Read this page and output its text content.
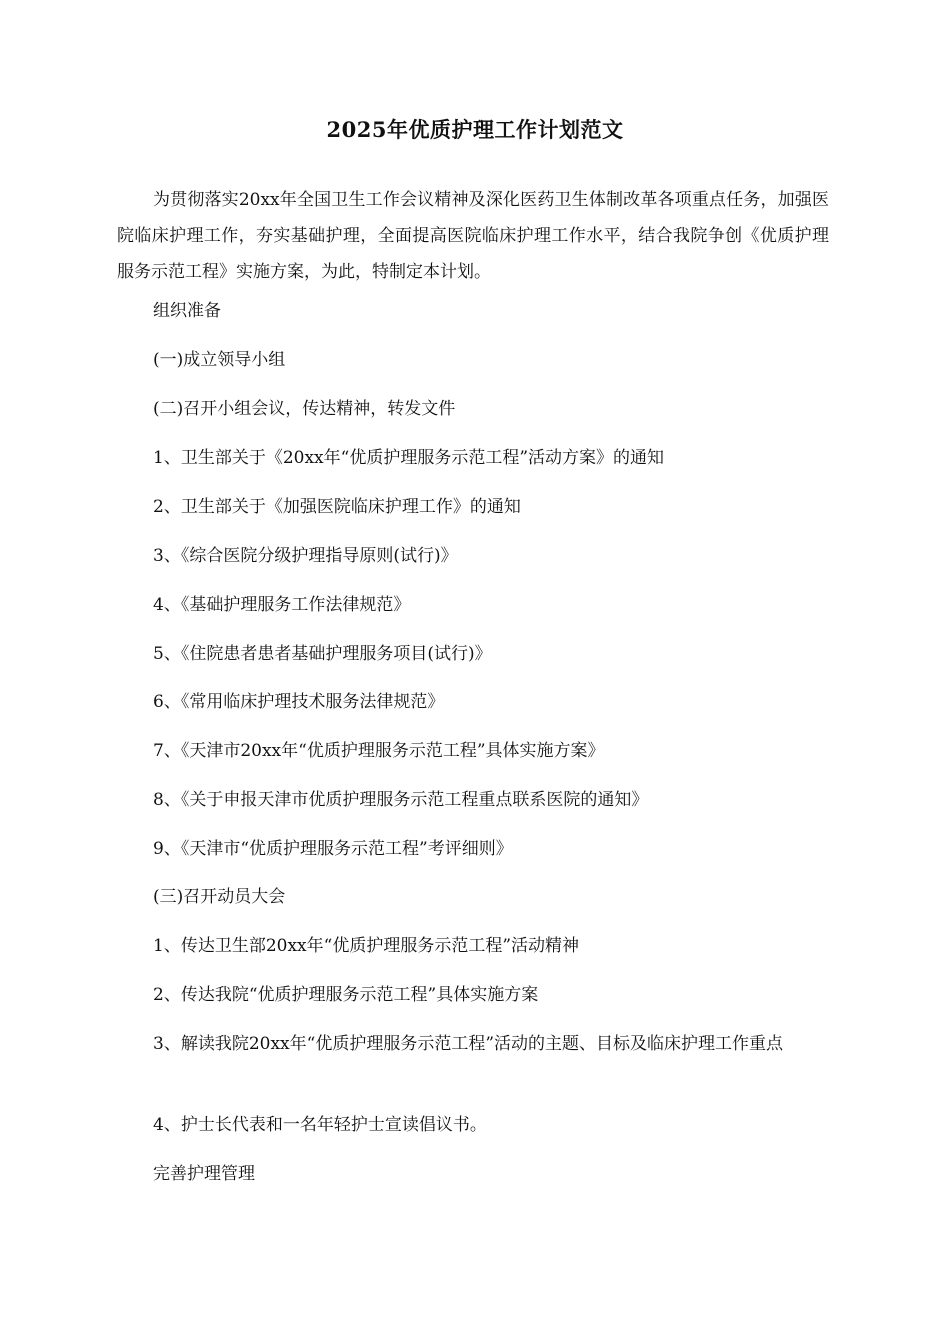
2025年优质护理工作计划范文

为贯彻落实20xx年全国卫生工作会议精神及深化医药卫生体制改革各项重点任务，加强医院临床护理工作，夯实基础护理，全面提高医院临床护理工作水平，结合我院争创《优质护理服务示范工程》实施方案，为此，特制定本计划。

组织准备

(一)成立领导小组

(二)召开小组会议，传达精神，转发文件

1、卫生部关于《20xx年“优质护理服务示范工程”活动方案》的通知

2、卫生部关于《加强医院临床护理工作》的通知

3、《综合医院分级护理指导原则(试行)》

4、《基础护理服务工作法律规范》

5、《住院患者患者基础护理服务项目(试行)》

6、《常用临床护理技术服务法律规范》

7、《天津市20xx年“优质护理服务示范工程”具体实施方案》

8、《关于申报天津市优质护理服务示范工程重点联系医院的通知》

9、《天津市“优质护理服务示范工程”考评细则》

(三)召开动员大会

1、传达卫生部20xx年“优质护理服务示范工程”活动精神

2、传达我院“优质护理服务示范工程”具体实施方案

3、解读我院20xx年“优质护理服务示范工程”活动的主题、目标及临床护理工作重点

4、护士长代表和一名年轻护士宣读倡议书。

完善护理管理
